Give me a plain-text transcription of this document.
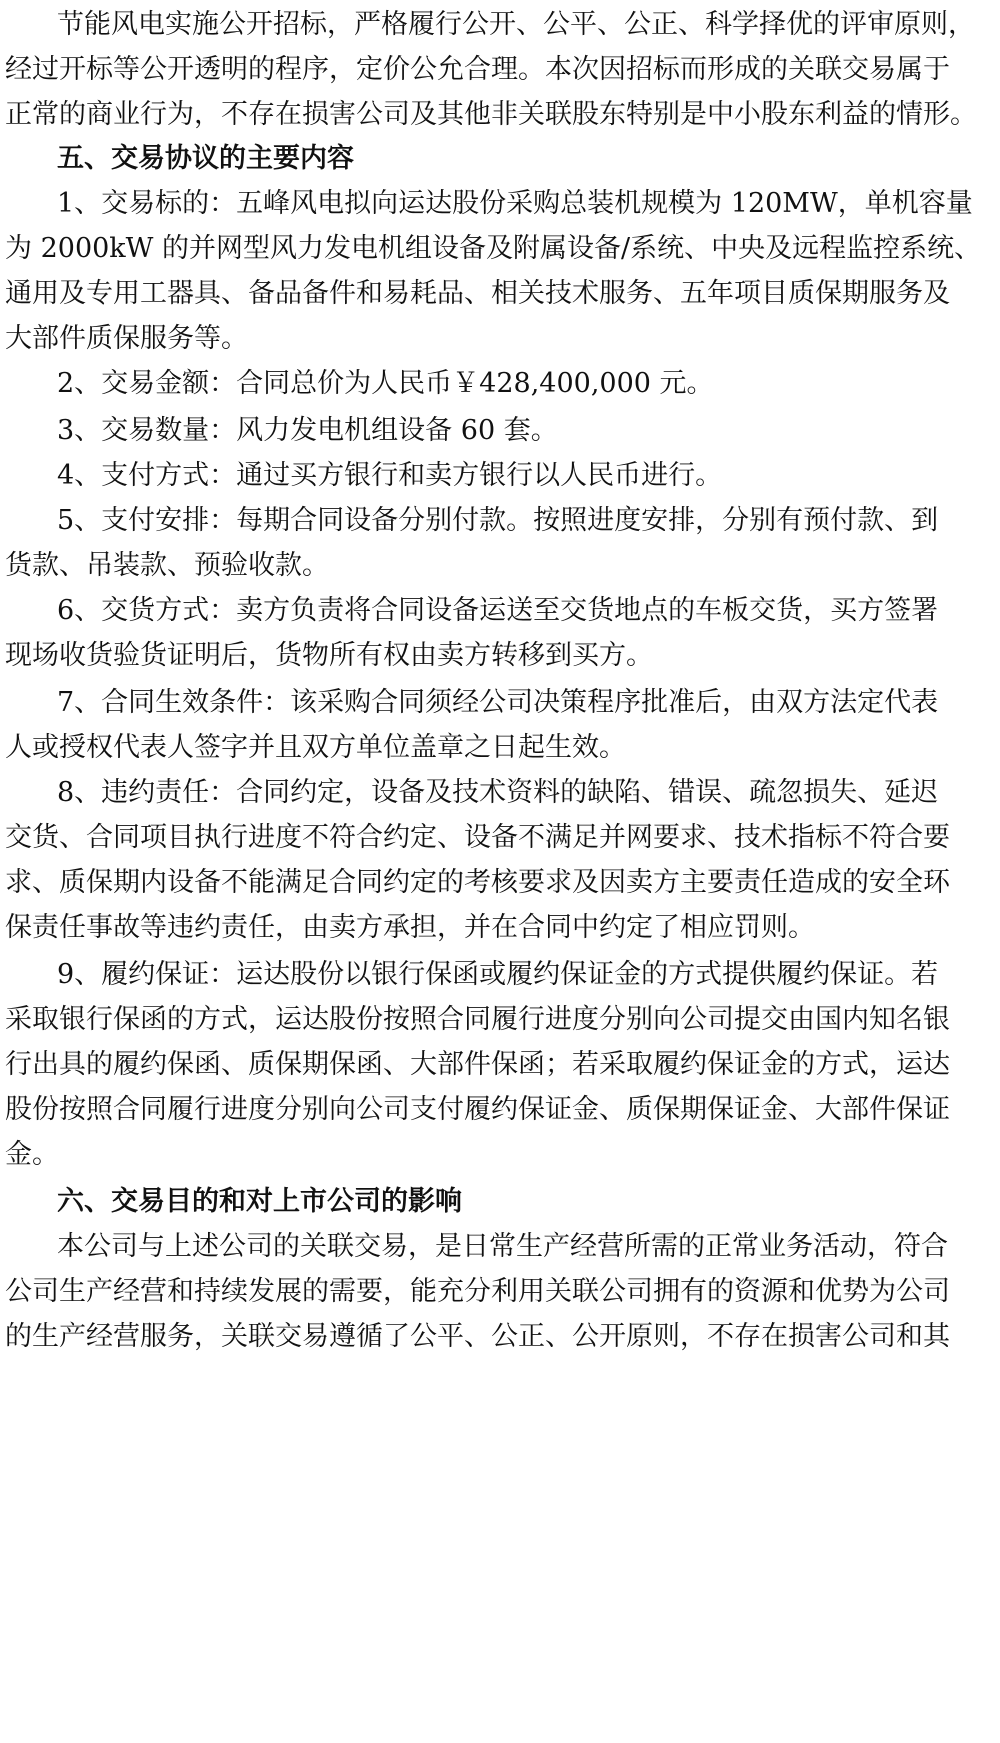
节能风电实施公开招标，严格履行公开、公平、公正、科学择优的评审原则，
经过开标等公开透明的程序，定价公允合理。本次因招标而形成的关联交易属于
正常的商业行为，不存在损害公司及其他非关联股东特别是中小股东利益的情形。
五、交易协议的主要内容
1、交易标的：五峰风电拟向运达股份采购总装机规模为 120MW，单机容量
为 2000kW 的并网型风力发电机组设备及附属设备/系统、中央及远程监控系统、
通用及专用工器具、备品备件和易耗品、相关技术服务、五年项目质保期服务及
大部件质保服务等。
2、交易金额：合同总价为人民币￥428,400,000 元。
3、交易数量：风力发电机组设备 60 套。
4、支付方式：通过买方银行和卖方银行以人民币进行。
5、支付安排：每期合同设备分别付款。按照进度安排，分别有预付款、到
货款、吊装款、预验收款。
6、交货方式：卖方负责将合同设备运送至交货地点的车板交货，买方签署
现场收货验货证明后，货物所有权由卖方转移到买方。
7、合同生效条件：该采购合同须经公司决策程序批准后，由双方法定代表
人或授权代表人签字并且双方单位盖章之日起生效。
8、违约责任：合同约定，设备及技术资料的缺陷、错误、疏忽损失、延迟
交货、合同项目执行进度不符合约定、设备不满足并网要求、技术指标不符合要
求、质保期内设备不能满足合同约定的考核要求及因卖方主要责任造成的安全环
保责任事故等违约责任，由卖方承担，并在合同中约定了相应罚则。
9、履约保证：运达股份以银行保函或履约保证金的方式提供履约保证。若
采取银行保函的方式，运达股份按照合同履行进度分别向公司提交由国内知名银
行出具的履约保函、质保期保函、大部件保函；若采取履约保证金的方式，运达
股份按照合同履行进度分别向公司支付履约保证金、质保期保证金、大部件保证
金。
六、交易目的和对上市公司的影响
本公司与上述公司的关联交易，是日常生产经营所需的正常业务活动，符合
公司生产经营和持续发展的需要，能充分利用关联公司拥有的资源和优势为公司
的生产经营服务，关联交易遵循了公平、公正、公开原则，不存在损害公司和其
